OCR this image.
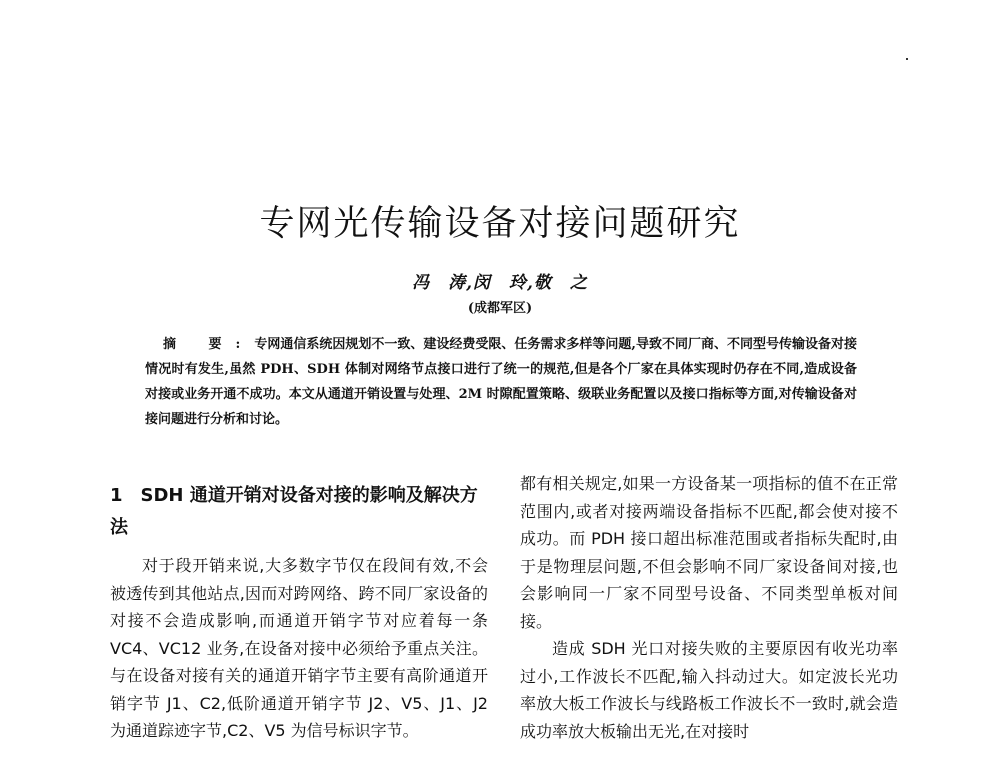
专网光传输设备对接问题研究
冯　涛,闵　玲,敬　之
(成都军区)
摘 要:专网通信系统因规划不一致、建设经费受限、任务需求多样等问题,导致不同厂商、不同型号传输设备对接情况时有发生,虽然 PDH、SDH 体制对网络节点接口进行了统一的规范,但是各个厂家在具体实现时仍存在不同,造成设备对接或业务开通不成功。本文从通道开销设置与处理、2M 时隙配置策略、级联业务配置以及接口指标等方面,对传输设备对接问题进行分析和讨论。
1　SDH 通道开销对设备对接的影响及解决方法

对于段开销来说,大多数字节仅在段间有效,不会被透传到其他站点,因而对跨网络、跨不同厂家设备的对接不会造成影响,而通道开销字节对应着每一条 VC4、VC12 业务,在设备对接中必须给予重点关注。与在设备对接有关的通道开销字节主要有高阶通道开销字节 J1、C2,低阶通道开销字节 J2、V5、J1、J2 为通道踪迹字节,C2、V5 为信号标识字节。

都有相关规定,如果一方设备某一项指标的值不在正常范围内,或者对接两端设备指标不匹配,都会使对接不成功。而 PDH 接口超出标准范围或者指标失配时,由于是物理层问题,不但会影响不同厂家设备间对接,也会影响同一厂家不同型号设备、不同类型单板对间接。

造成 SDH 光口对接失败的主要原因有收光功率过小,工作波长不匹配,输入抖动过大。如定波长光功率放大板工作波长与线路板工作波长不一致时,就会造成功率放大板输出无光,在对接时
